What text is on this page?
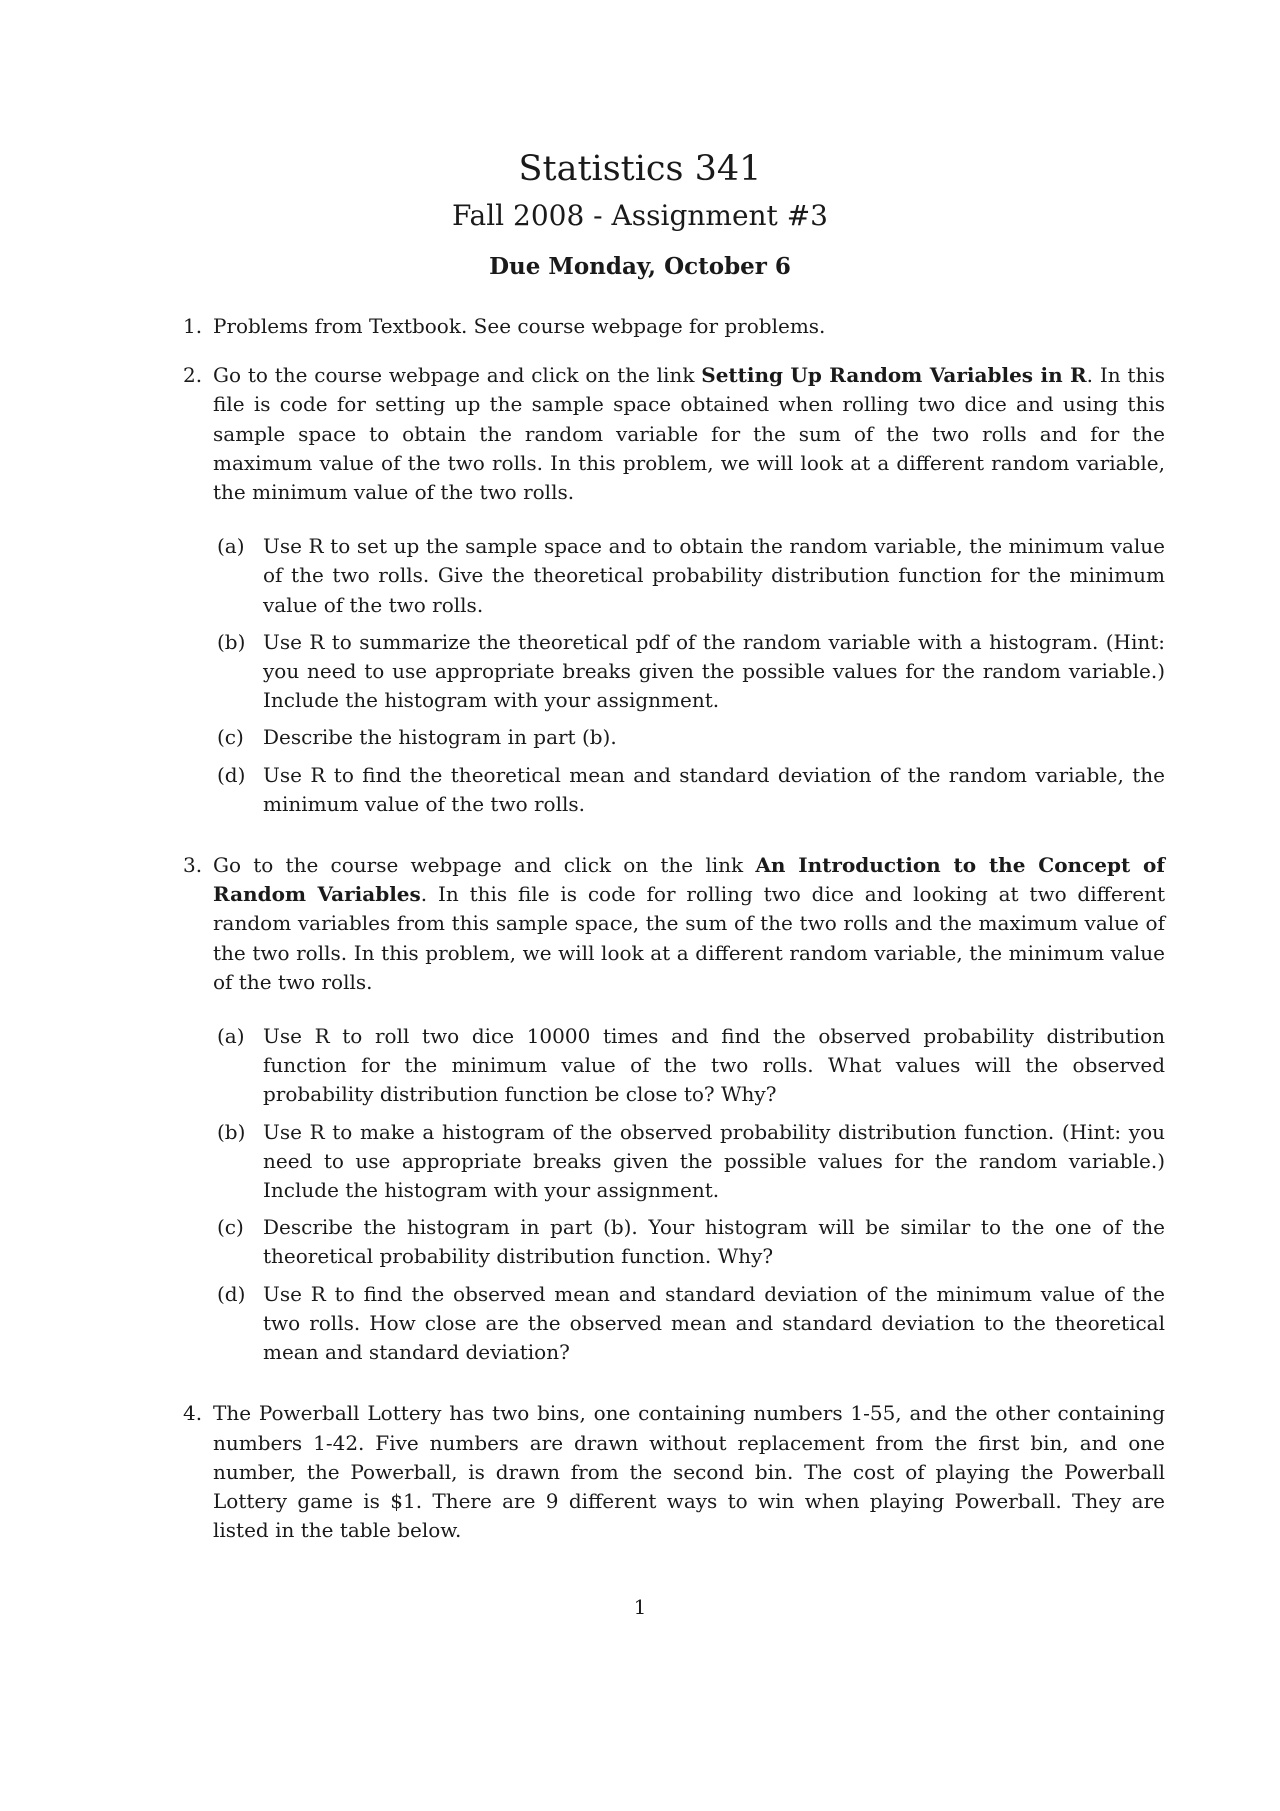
Statistics 341
Fall 2008 - Assignment #3
Due Monday, October 6
1. Problems from Textbook. See course webpage for problems.
2. Go to the course webpage and click on the link Setting Up Random Variables in R. In this file is code for setting up the sample space obtained when rolling two dice and using this sample space to obtain the random variable for the sum of the two rolls and for the maximum value of the two rolls. In this problem, we will look at a different random variable, the minimum value of the two rolls.
(a) Use R to set up the sample space and to obtain the random variable, the minimum value of the two rolls. Give the theoretical probability distribution function for the minimum value of the two rolls.
(b) Use R to summarize the theoretical pdf of the random variable with a histogram. (Hint: you need to use appropriate breaks given the possible values for the random variable.) Include the histogram with your assignment.
(c) Describe the histogram in part (b).
(d) Use R to find the theoretical mean and standard deviation of the random variable, the minimum value of the two rolls.
3. Go to the course webpage and click on the link An Introduction to the Concept of Random Variables. In this file is code for rolling two dice and looking at two different random variables from this sample space, the sum of the two rolls and the maximum value of the two rolls. In this problem, we will look at a different random variable, the minimum value of the two rolls.
(a) Use R to roll two dice 10000 times and find the observed probability distribution function for the minimum value of the two rolls. What values will the observed probability distribution function be close to? Why?
(b) Use R to make a histogram of the observed probability distribution function. (Hint: you need to use appropriate breaks given the possible values for the random variable.) Include the histogram with your assignment.
(c) Describe the histogram in part (b). Your histogram will be similar to the one of the theoretical probability distribution function. Why?
(d) Use R to find the observed mean and standard deviation of the minimum value of the two rolls. How close are the observed mean and standard deviation to the theoretical mean and standard deviation?
4. The Powerball Lottery has two bins, one containing numbers 1-55, and the other containing numbers 1-42. Five numbers are drawn without replacement from the first bin, and one number, the Powerball, is drawn from the second bin. The cost of playing the Powerball Lottery game is $1. There are 9 different ways to win when playing Powerball. They are listed in the table below.
1
